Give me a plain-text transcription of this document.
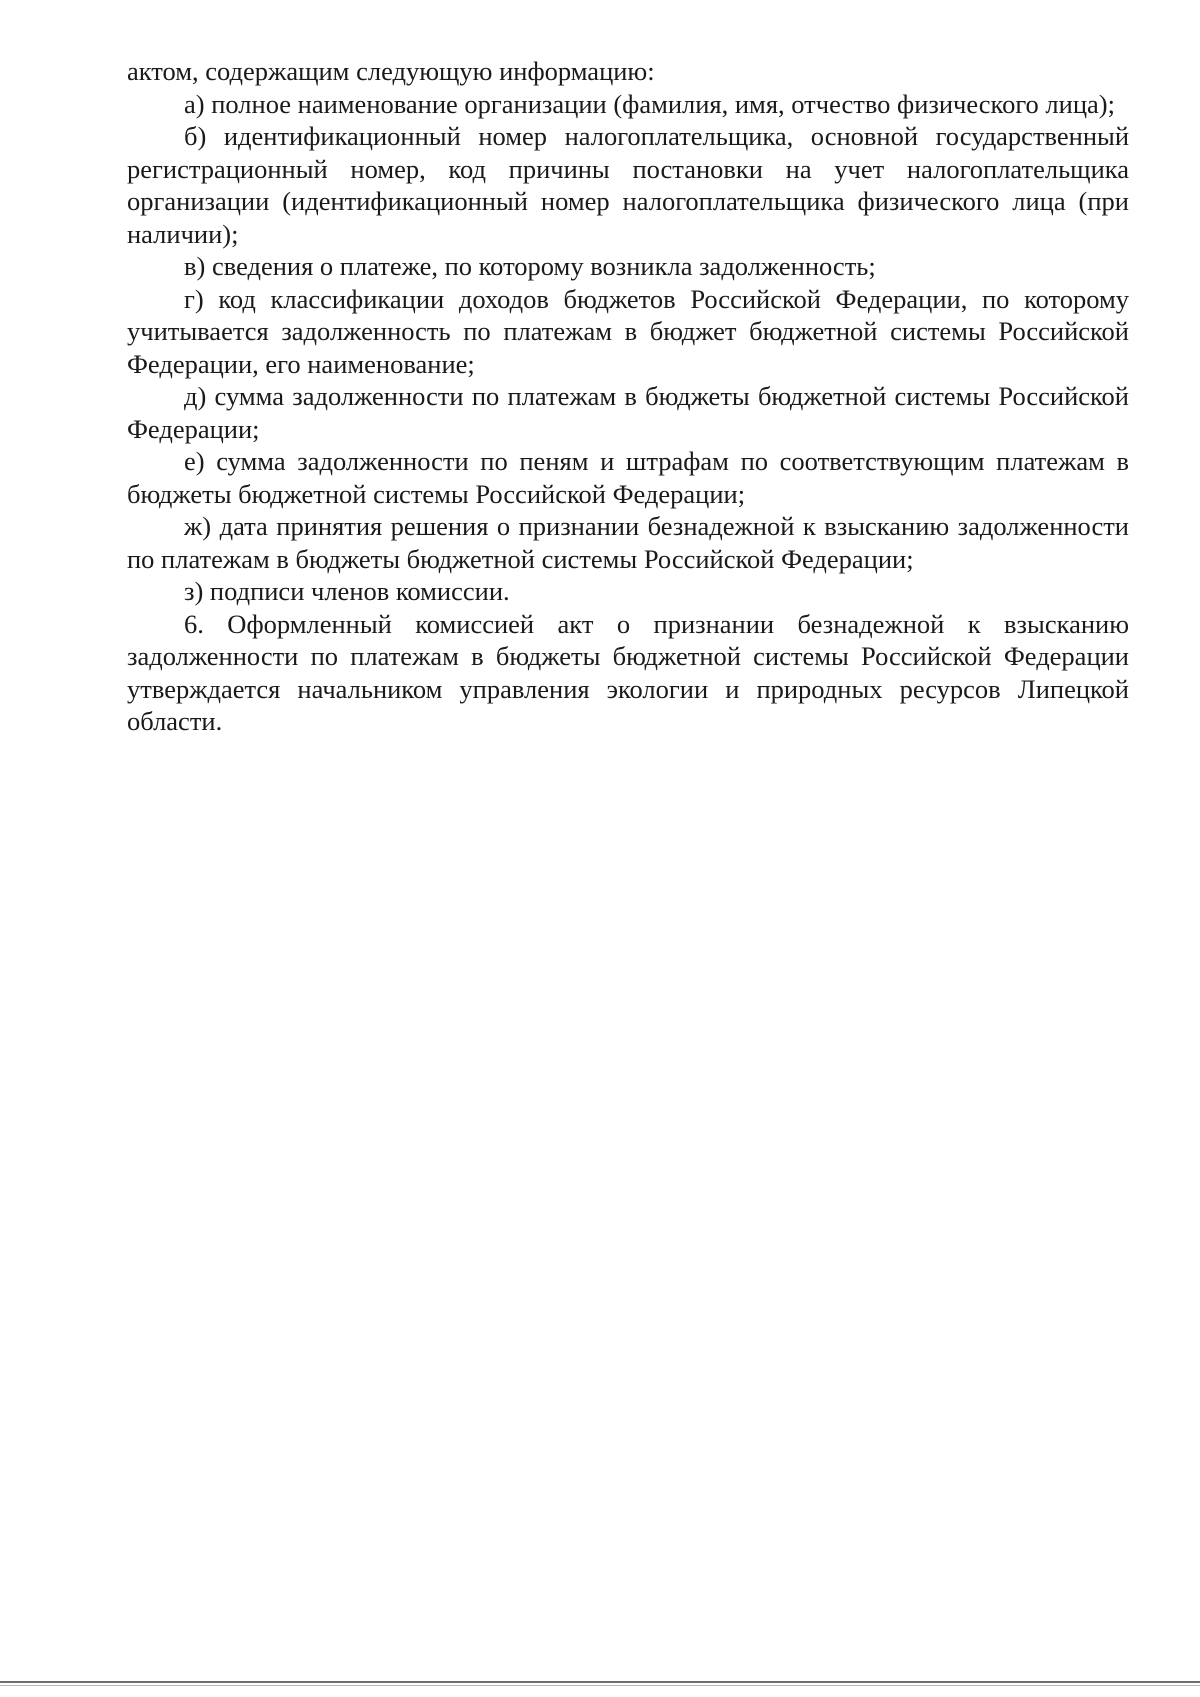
актом, содержащим следующую информацию:

а) полное наименование организации (фамилия, имя, отчество физического лица);

б) идентификационный номер налогоплательщика, основной государственный регистрационный номер, код причины постановки на учет налогоплательщика организации (идентификационный номер налогоплательщика физического лица (при наличии);

в) сведения о платеже, по которому возникла задолженность;

г) код классификации доходов бюджетов Российской Федерации, по которому учитывается задолженность по платежам в бюджет бюджетной системы Российской Федерации, его наименование;

д) сумма задолженности по платежам в бюджеты бюджетной системы Российской Федерации;

е) сумма задолженности по пеням и штрафам по соответствующим платежам в бюджеты бюджетной системы Российской Федерации;

ж) дата принятия решения о признании безнадежной к взысканию задолженности по платежам в бюджеты бюджетной системы Российской Федерации;

з) подписи членов комиссии.

6. Оформленный комиссией акт о признании безнадежной к взысканию задолженности по платежам в бюджеты бюджетной системы Российской Федерации утверждается начальником управления экологии и природных ресурсов Липецкой области.
